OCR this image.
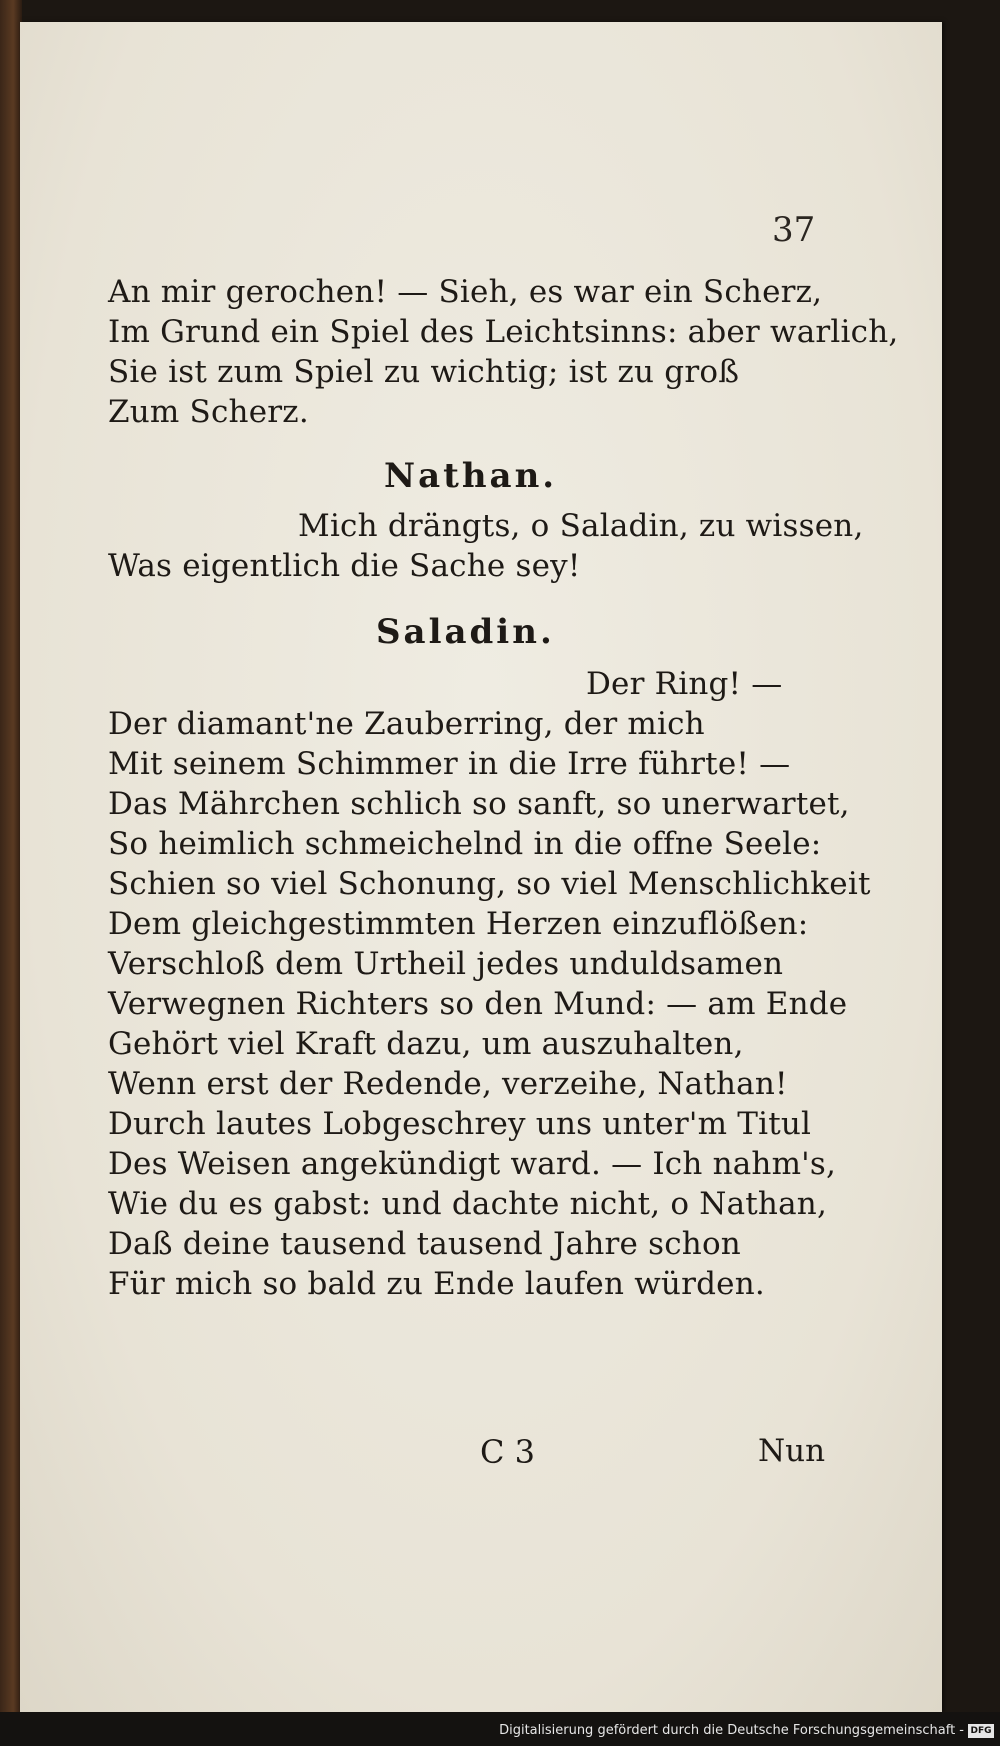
37
An mir gerochen! — Sieh, es war ein Scherz,
Im Grund ein Spiel des Leichtsinns: aber warlich,
Sie ist zum Spiel zu wichtig; ist zu groß
Zum Scherz.
Nathan.
Mich drängts, o Saladin, zu wissen,
Was eigentlich die Sache sey!
Saladin.
Der Ring! —
Der diamant'ne Zauberring, der mich
Mit seinem Schimmer in die Irre führte! —
Das Mährchen schlich so sanft, so unerwartet,
So heimlich schmeichelnd in die offne Seele:
Schien so viel Schonung, so viel Menschlichkeit
Dem gleichgestimmten Herzen einzuflößen:
Verschloß dem Urtheil jedes unduldsamen
Verwegnen Richters so den Mund: — am Ende
Gehört viel Kraft dazu, um auszuhalten,
Wenn erst der Redende, verzeihe, Nathan!
Durch lautes Lobgeschrey uns unter'm Titul
Des Weisen angekündigt ward. — Ich nahm's,
Wie du es gabst: und dachte nicht, o Nathan,
Daß deine tausend tausend Jahre schon
Für mich so bald zu Ende laufen würden.
C 3	Nun
Digitalisierung gefördert durch die Deutsche Forschungsgemeinschaft - DFG
